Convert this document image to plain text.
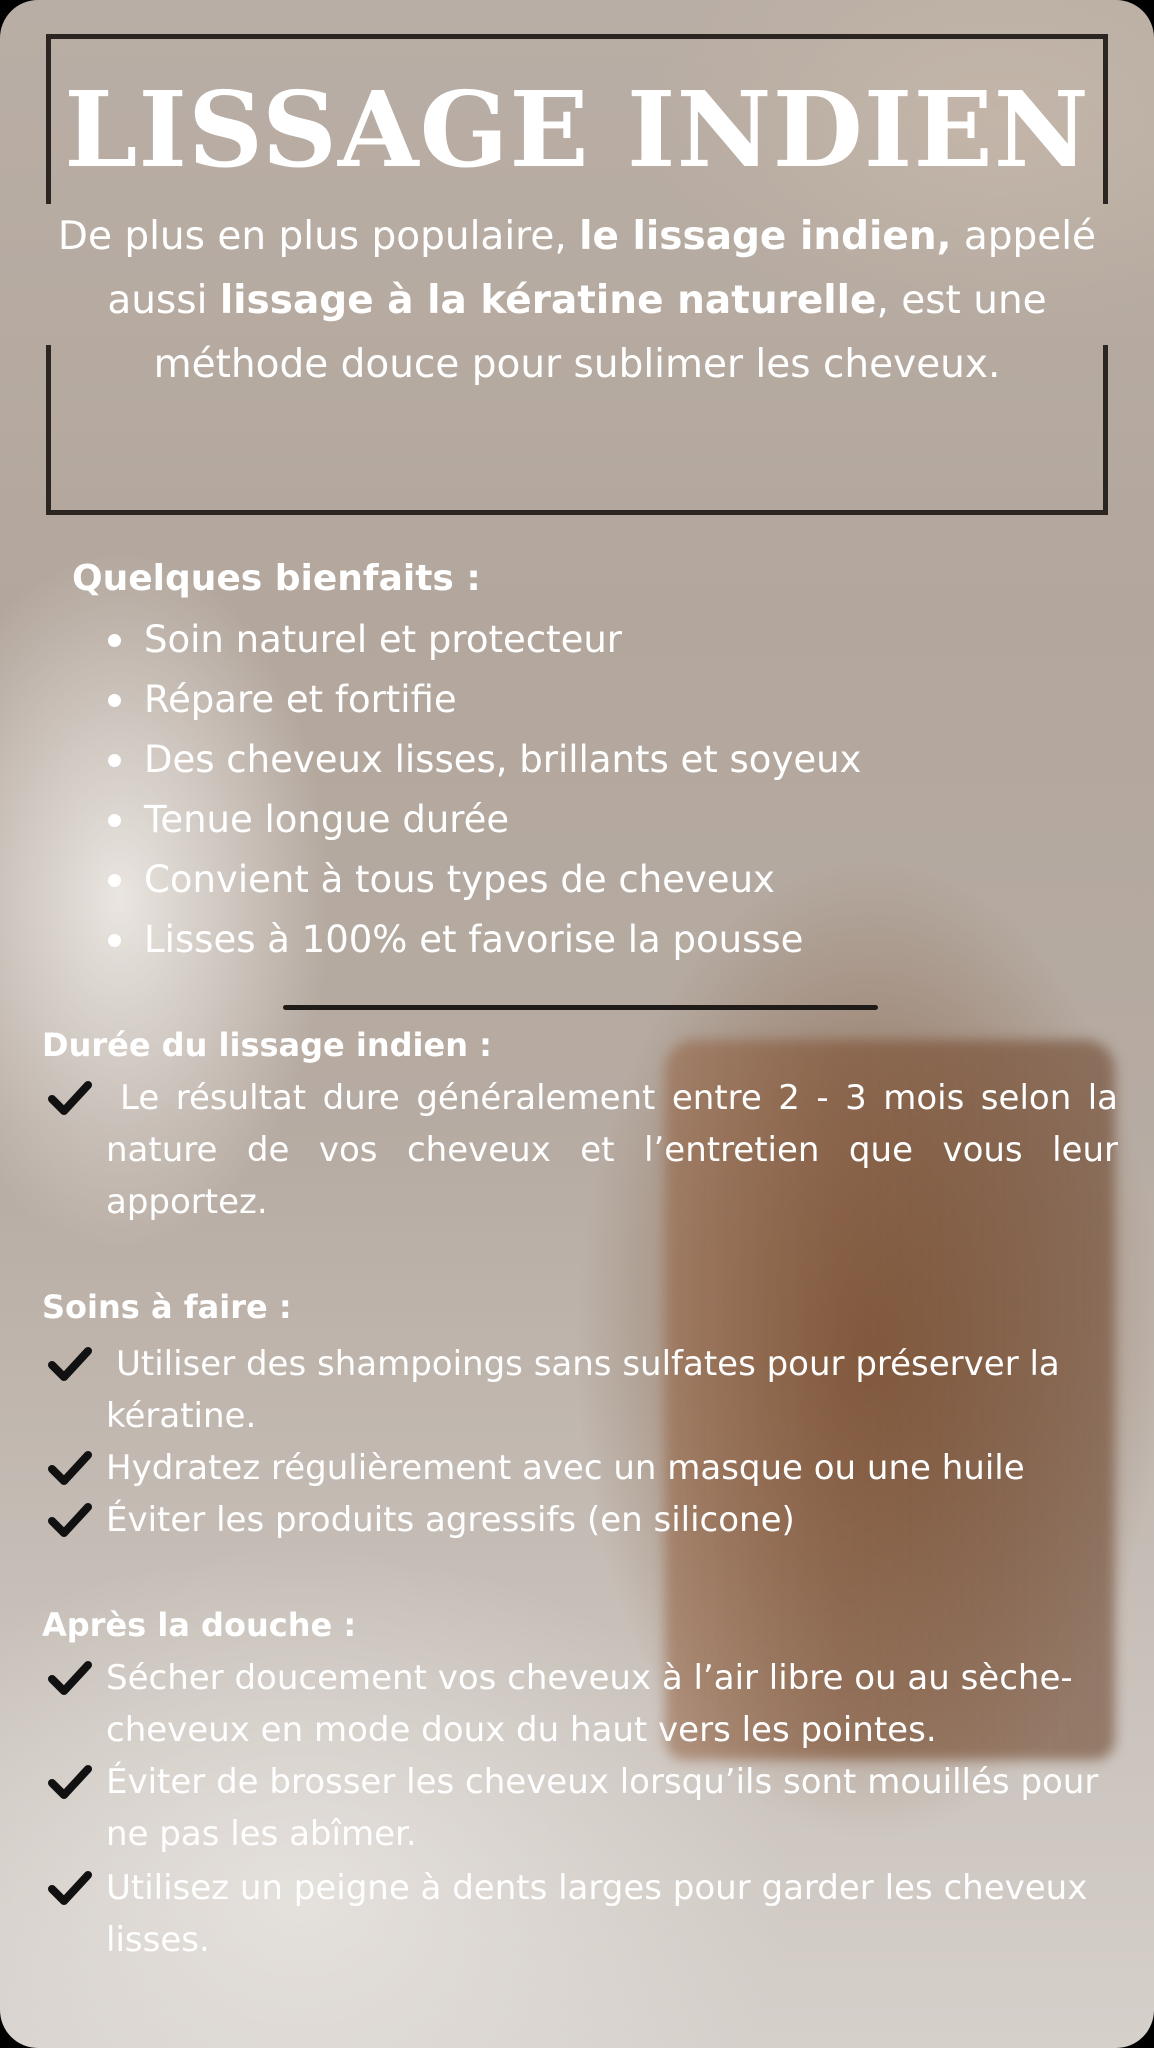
LISSAGE INDIEN

De plus en plus populaire, le lissage indien, appelé aussi lissage à la kératine naturelle, est une méthode douce pour sublimer les cheveux.

Quelques bienfaits :
Soin naturel et protecteur
Répare et fortifie
Des cheveux lisses, brillants et soyeux
Tenue longue durée
Convient à tous types de cheveux
Lisses à 100% et favorise la pousse
Durée du lissage indien :
Le résultat dure généralement entre 2 - 3 mois selon la nature de vos cheveux et l’entretien que vous leur apportez.
Soins à faire :
Utiliser des shampoings sans sulfates pour préserver la kératine.
Hydratez régulièrement avec un masque ou une huile
Éviter les produits agressifs (en silicone)
Après la douche :
Sécher doucement vos cheveux à l’air libre ou au sèche-cheveux en mode doux du haut vers les pointes.
Éviter de brosser les cheveux lorsqu’ils sont mouillés pour ne pas les abîmer.
Utilisez un peigne à dents larges pour garder les cheveux lisses.
